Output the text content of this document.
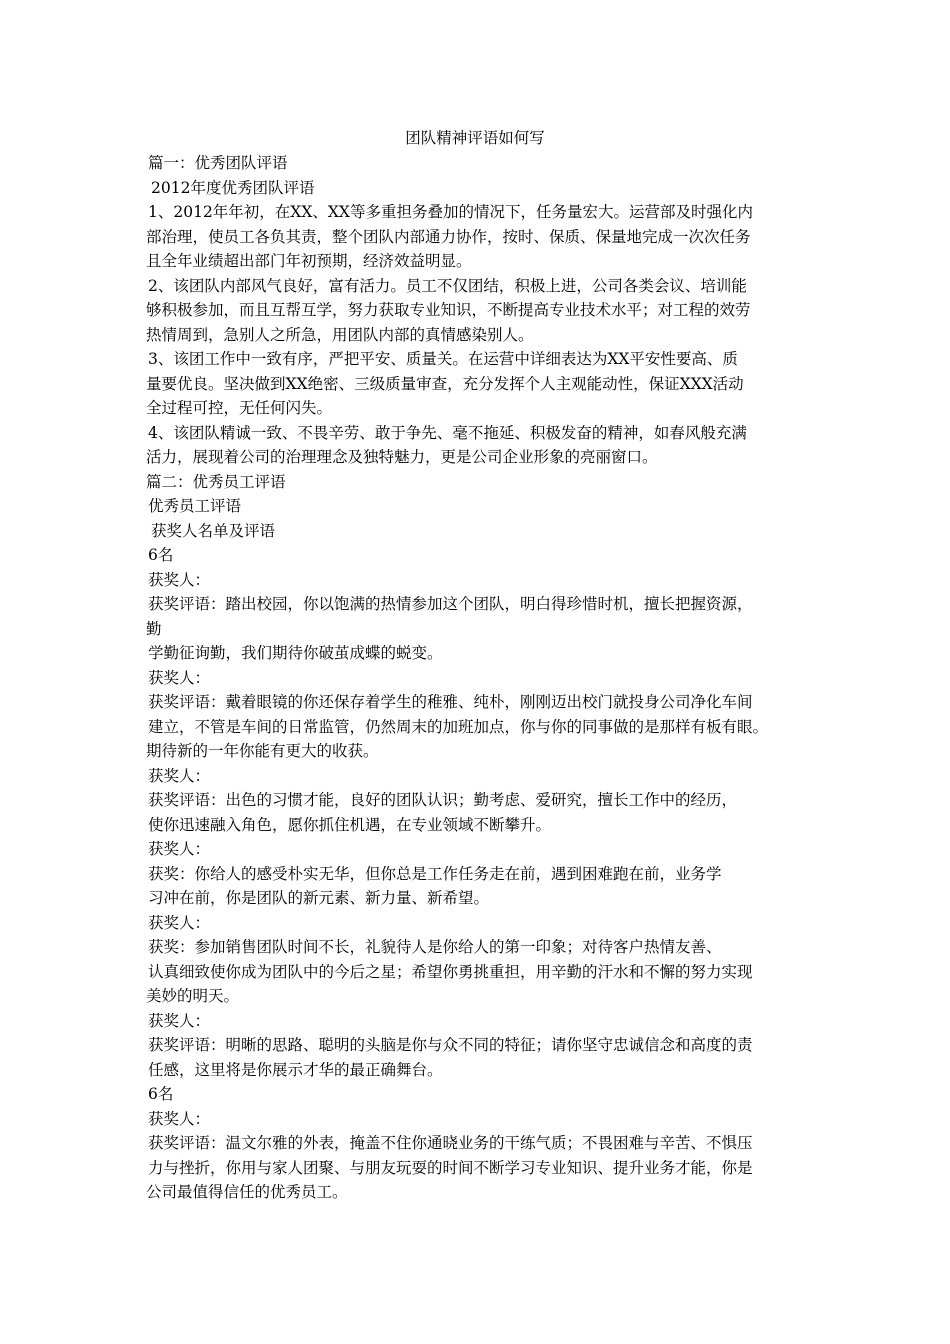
团队精神评语如何写
篇一：优秀团队评语
2012年度优秀团队评语
1、2012年年初，在XX、XX等多重担务叠加的情况下，任务量宏大。运营部及时强化内
部治理，使员工各负其责，整个团队内部通力协作，按时、保质、保量地完成一次次任务
且全年业绩超出部门年初预期，经济效益明显。
2、该团队内部风气良好，富有活力。员工不仅团结，积极上进，公司各类会议、培训能
够积极参加，而且互帮互学，努力获取专业知识，不断提高专业技术水平；对工程的效劳
热情周到，急别人之所急，用团队内部的真情感染别人。
3、该团工作中一致有序，严把平安、质量关。在运营中详细表达为XX平安性要高、质
量要优良。坚决做到XX绝密、三级质量审查，充分发挥个人主观能动性，保证XXX活动
全过程可控，无任何闪失。
4、该团队精诚一致、不畏辛劳、敢于争先、毫不拖延、积极发奋的精神，如春风般充满
活力，展现着公司的治理理念及独特魅力，更是公司企业形象的亮丽窗口。
篇二：优秀员工评语
优秀员工评语
获奖人名单及评语
6名
获奖人：
获奖评语：踏出校园，你以饱满的热情参加这个团队，明白得珍惜时机，擅长把握资源，
勤
学勤征询勤，我们期待你破茧成蝶的蜕变。
获奖人：
获奖评语：戴着眼镜的你还保存着学生的稚雅、纯朴，刚刚迈出校门就投身公司净化车间
建立，不管是车间的日常监管，仍然周末的加班加点，你与你的同事做的是那样有板有眼。
期待新的一年你能有更大的收获。
获奖人：
获奖评语：出色的习惯才能，良好的团队认识；勤考虑、爱研究，擅长工作中的经历，
使你迅速融入角色，愿你抓住机遇，在专业领域不断攀升。
获奖人：
获奖：你给人的感受朴实无华，但你总是工作任务走在前，遇到困难跑在前，业务学
习冲在前，你是团队的新元素、新力量、新希望。
获奖人：
获奖：参加销售团队时间不长，礼貌待人是你给人的第一印象；对待客户热情友善、
认真细致使你成为团队中的今后之星；希望你勇挑重担，用辛勤的汗水和不懈的努力实现
美妙的明天。
获奖人：
获奖评语：明晰的思路、聪明的头脑是你与众不同的特征；请你坚守忠诚信念和高度的责
任感，这里将是你展示才华的最正确舞台。
6名
获奖人：
获奖评语：温文尔雅的外表，掩盖不住你通晓业务的干练气质；不畏困难与辛苦、不惧压
力与挫折，你用与家人团聚、与朋友玩耍的时间不断学习专业知识、提升业务才能，你是
公司最值得信任的优秀员工。
